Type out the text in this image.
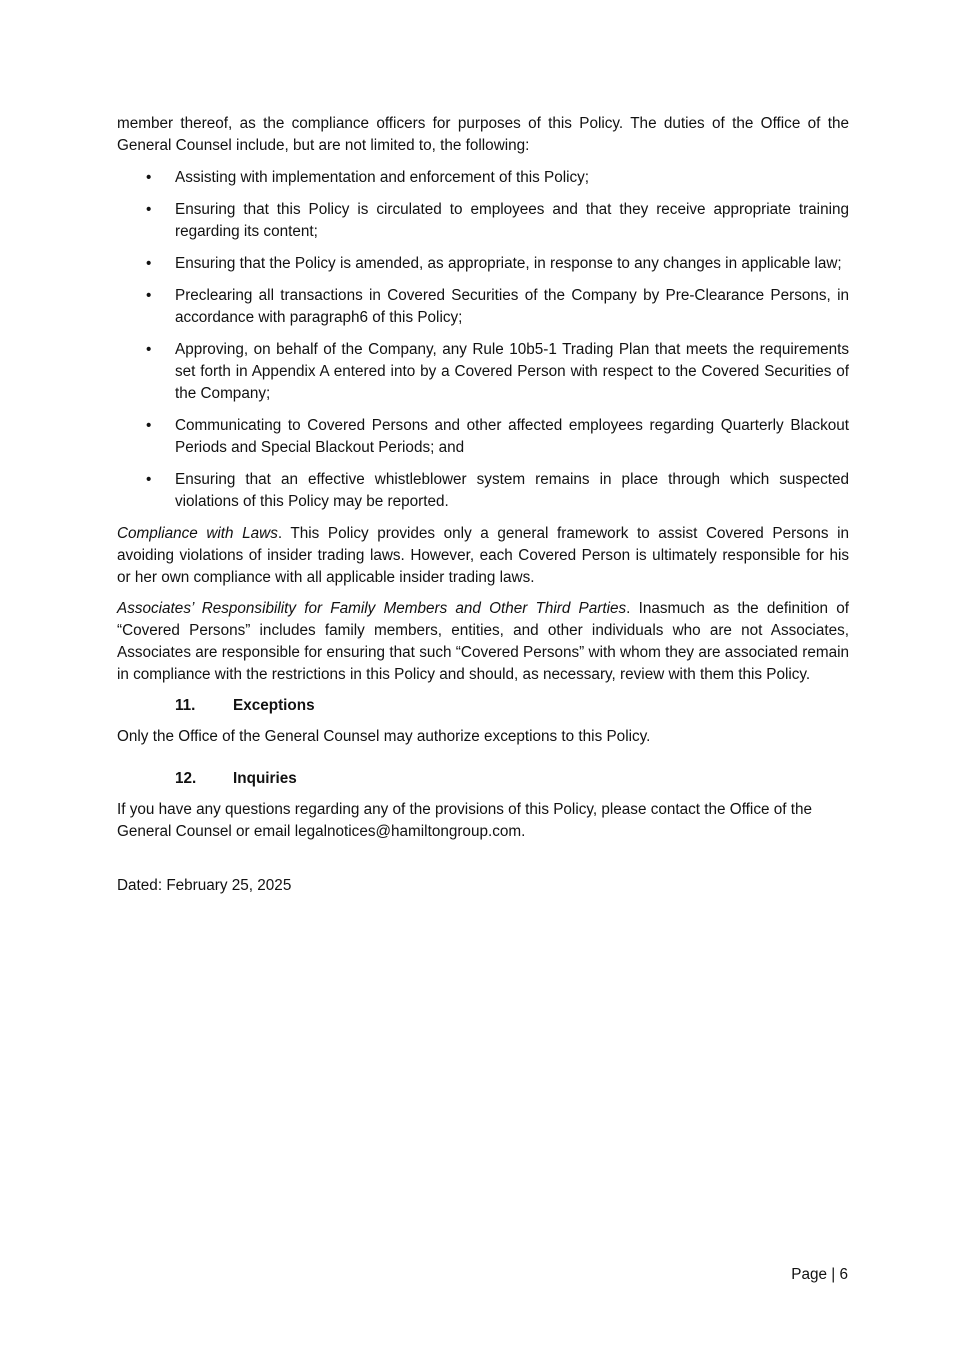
member thereof, as the compliance officers for purposes of this Policy. The duties of the Office of the General Counsel include, but are not limited to, the following:

•	Assisting with implementation and enforcement of this Policy;
•	Ensuring that this Policy is circulated to employees and that they receive appropriate training regarding its content;
•	Ensuring that the Policy is amended, as appropriate, in response to any changes in applicable law;
•	Preclearing all transactions in Covered Securities of the Company by Pre-Clearance Persons, in accordance with paragraph6 of this Policy;
•	Approving, on behalf of the Company, any Rule 10b5-1 Trading Plan that meets the requirements set forth in Appendix A entered into by a Covered Person with respect to the Covered Securities of the Company;
•	Communicating to Covered Persons and other affected employees regarding Quarterly Blackout Periods and Special Blackout Periods; and
•	Ensuring that an effective whistleblower system remains in place through which suspected violations of this Policy may be reported.

Compliance with Laws. This Policy provides only a general framework to assist Covered Persons in avoiding violations of insider trading laws. However, each Covered Person is ultimately responsible for his or her own compliance with all applicable insider trading laws.

Associates’ Responsibility for Family Members and Other Third Parties. Inasmuch as the definition of “Covered Persons” includes family members, entities, and other individuals who are not Associates, Associates are responsible for ensuring that such “Covered Persons” with whom they are associated remain in compliance with the restrictions in this Policy and should, as necessary, review with them this Policy.

11. Exceptions

Only the Office of the General Counsel may authorize exceptions to this Policy.

12. Inquiries

If you have any questions regarding any of the provisions of this Policy, please contact the Office of the General Counsel or email legalnotices@hamiltongroup.com.

Dated: February 25, 2025

Page | 6
